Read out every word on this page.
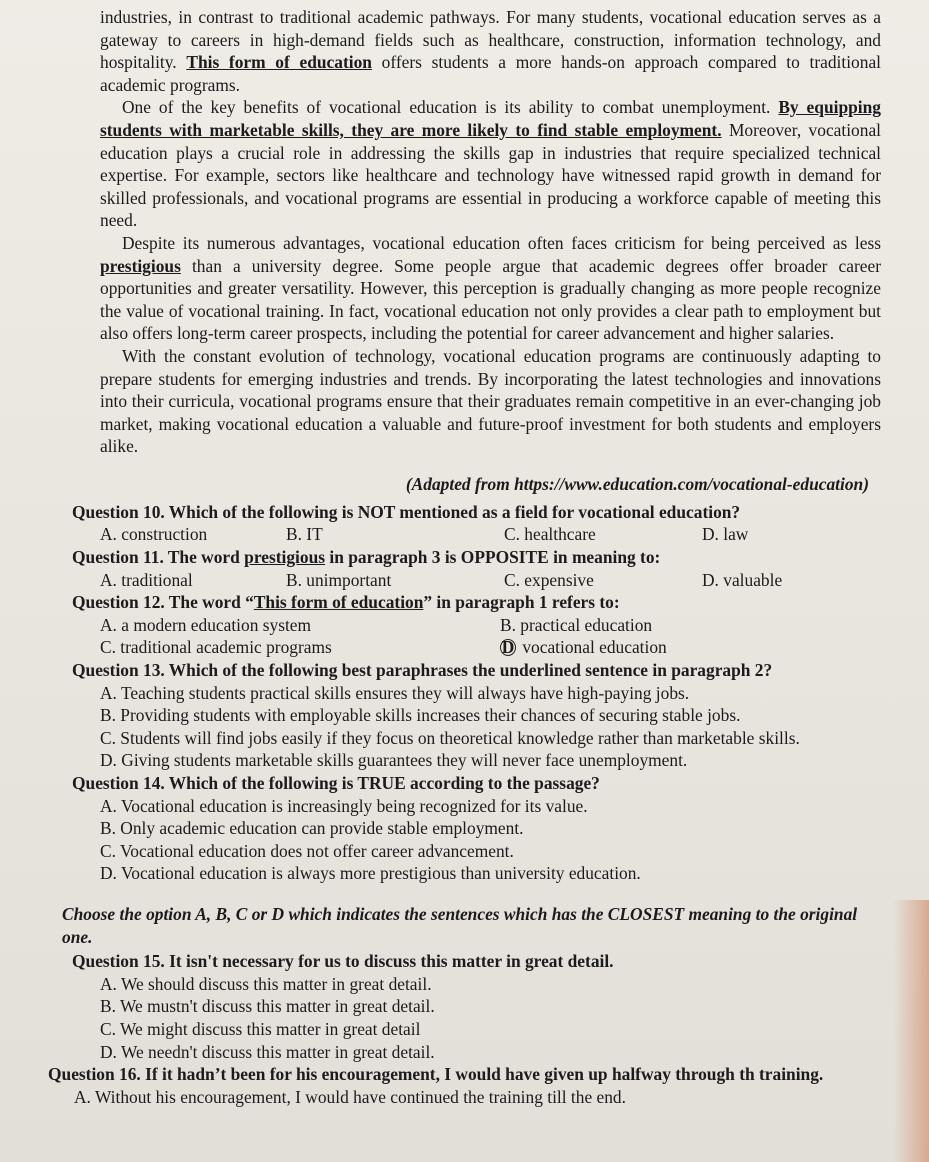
industries, in contrast to traditional academic pathways. For many students, vocational education serves as a gateway to careers in high-demand fields such as healthcare, construction, information technology, and hospitality. This form of education offers students a more hands-on approach compared to traditional academic programs.

One of the key benefits of vocational education is its ability to combat unemployment. By equipping students with marketable skills, they are more likely to find stable employment. Moreover, vocational education plays a crucial role in addressing the skills gap in industries that require specialized technical expertise. For example, sectors like healthcare and technology have witnessed rapid growth in demand for skilled professionals, and vocational programs are essential in producing a workforce capable of meeting this need.

Despite its numerous advantages, vocational education often faces criticism for being perceived as less prestigious than a university degree. Some people argue that academic degrees offer broader career opportunities and greater versatility. However, this perception is gradually changing as more people recognize the value of vocational training. In fact, vocational education not only provides a clear path to employment but also offers long-term career prospects, including the potential for career advancement and higher salaries.

With the constant evolution of technology, vocational education programs are continuously adapting to prepare students for emerging industries and trends. By incorporating the latest technologies and innovations into their curricula, vocational programs ensure that their graduates remain competitive in an ever-changing job market, making vocational education a valuable and future-proof investment for both students and employers alike.

(Adapted from https://www.education.com/vocational-education)
Question 10. Which of the following is NOT mentioned as a field for vocational education?
A. construction	B. IT	C. healthcare	D. law
Question 11. The word prestigious in paragraph 3 is OPPOSITE in meaning to:
A. traditional	B. unimportant	C. expensive	D. valuable
Question 12. The word “This form of education” in paragraph 1 refers to:
A. a modern education system	B. practical education
C. traditional academic programs	D vocational education
Question 13. Which of the following best paraphrases the underlined sentence in paragraph 2?
A. Teaching students practical skills ensures they will always have high-paying jobs.
B. Providing students with employable skills increases their chances of securing stable jobs.
C. Students will find jobs easily if they focus on theoretical knowledge rather than marketable skills.
D. Giving students marketable skills guarantees they will never face unemployment.
Question 14. Which of the following is TRUE according to the passage?
A. Vocational education is increasingly being recognized for its value.
B. Only academic education can provide stable employment.
C. Vocational education does not offer career advancement.
D. Vocational education is always more prestigious than university education.
Choose the option A, B, C or D which indicates the sentences which has the CLOSEST meaning to the original one.
Question 15. It isn't necessary for us to discuss this matter in great detail.
A. We should discuss this matter in great detail.
B. We mustn't discuss this matter in great detail.
C. We might discuss this matter in great detail
D. We needn't discuss this matter in great detail.
Question 16. If it hadn’t been for his encouragement, I would have given up halfway through th training.
A. Without his encouragement, I would have continued the training till the end.
